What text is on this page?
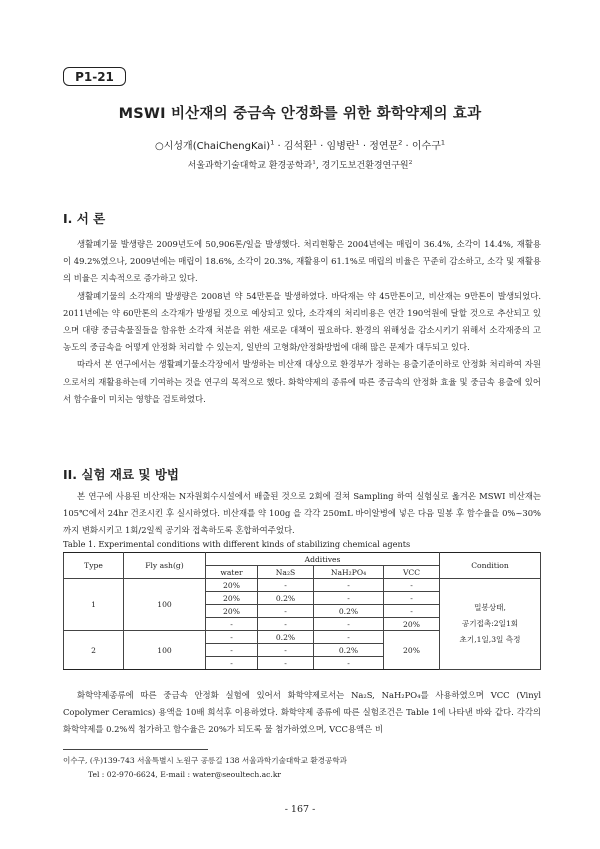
P1-21
MSWI 비산재의 중금속 안정화를 위한 화학약제의 효과
○시성개(ChaiChengKai)$^1$ · 김석환$^1$ · 임병란$^1$ · 정연문$^2$ · 이수구$^1$
서울과학기술대학교 환경공학과$^1$, 경기도보건환경연구원$^2$
I. 서 론

생활폐기물 발생량은 2009년도에 50,906톤/일을 발생했다. 처리현황은 2004년에는 매립이 36.4%, 소각이 14.4%, 재활용이 49.2%였으나, 2009년에는 매립이 18.6%, 소각이 20.3%, 재활용이 61.1%로 매립의 비율은 꾸준히 감소하고, 소각 및 재활용의 비율은 지속적으로 증가하고 있다.

생활폐기물의 소각재의 발생량은 2008년 약 54만톤을 발생하였다. 바닥재는 약 45만톤이고, 비산재는 9만톤이 발생되었다. 2011년에는 약 60만톤의 소각재가 발생될 것으로 예상되고 있다, 소각재의 처리비용은 연간 190억원에 달할 것으로 추산되고 있으며 대량 중금속물질들을 함유한 소각재 처분을 위한 새로운 대책이 필요하다. 환경의 위해성을 감소시키기 위해서 소각재중의 고농도의 중금속을 어떻게 안정화 처리할 수 있는지, 일반의 고형화/안정화방법에 대해 많은 문제가 대두되고 있다.

따라서 본 연구에서는 생활폐기물소각장에서 발생하는 비산재 대상으로 환경부가 정하는 용출기준이하로 안정화 처리하여 자원으로서의 재활용하는데 기여하는 것을 연구의 목적으로 했다. 화학약제의 종류에 따른 중금속의 안정화 효율 및 중금속 용출에 있어서 함수율이 미치는 영향을 검토하였다.

II. 실험 재료 및 방법

본 연구에 사용된 비산재는 N자원회수시설에서 배출된 것으로 2회에 걸쳐 Sampling 하여 실험실로 옮겨온 MSWI 비산재는 105℃에서 24hr 건조시킨 후 실시하였다. 비산재를 약 100g 을 각각 250mL 바이알병에 넣은 다음 밀봉 후 함수율을 0%~30%까지 변화시키고 1회/2일씩 공기와 접촉하도록 혼합하여주었다.

Table 1. Experimental conditions with different kinds of stabilizing chemical agents
Type	Fly ash(g)	Additives				Condition
		water	Na₂S	NaH₂PO₄	VCC	
1	100	20%	-	-	-	밀봉상태,
공기접촉:2일1회
초기,1일,3일 측정

		20%	0.2%	-	-	
		20%	-	0.2%	-	
		-	-	-	20%	
2	100	-	0.2%	-	20%	
		-	-	0.2%		
		-	-	-		

화학약제종류에 따른 중금속 안정화 실험에 있어서 화학약제로서는 Na₂S, NaH₂PO₄를 사용하였으며 VCC (Vinyl Copolymer Ceramics) 용액을 10배 희석후 이용하였다. 화학약제 종류에 따른 실험조건은 Table 1에 나타낸 바와 같다. 각각의 화학약제를 0.2%씩 첨가하고 함수율은 20%가 되도록 물 첨가하였으며, VCC용액은 비

이수구, (우)139-743 서울특별시 노원구 공릉길 138 서울과학기술대학교 환경공학과
Tel : 02-970-6624, E-mail : water@seoultech.ac.kr
- 167 -
